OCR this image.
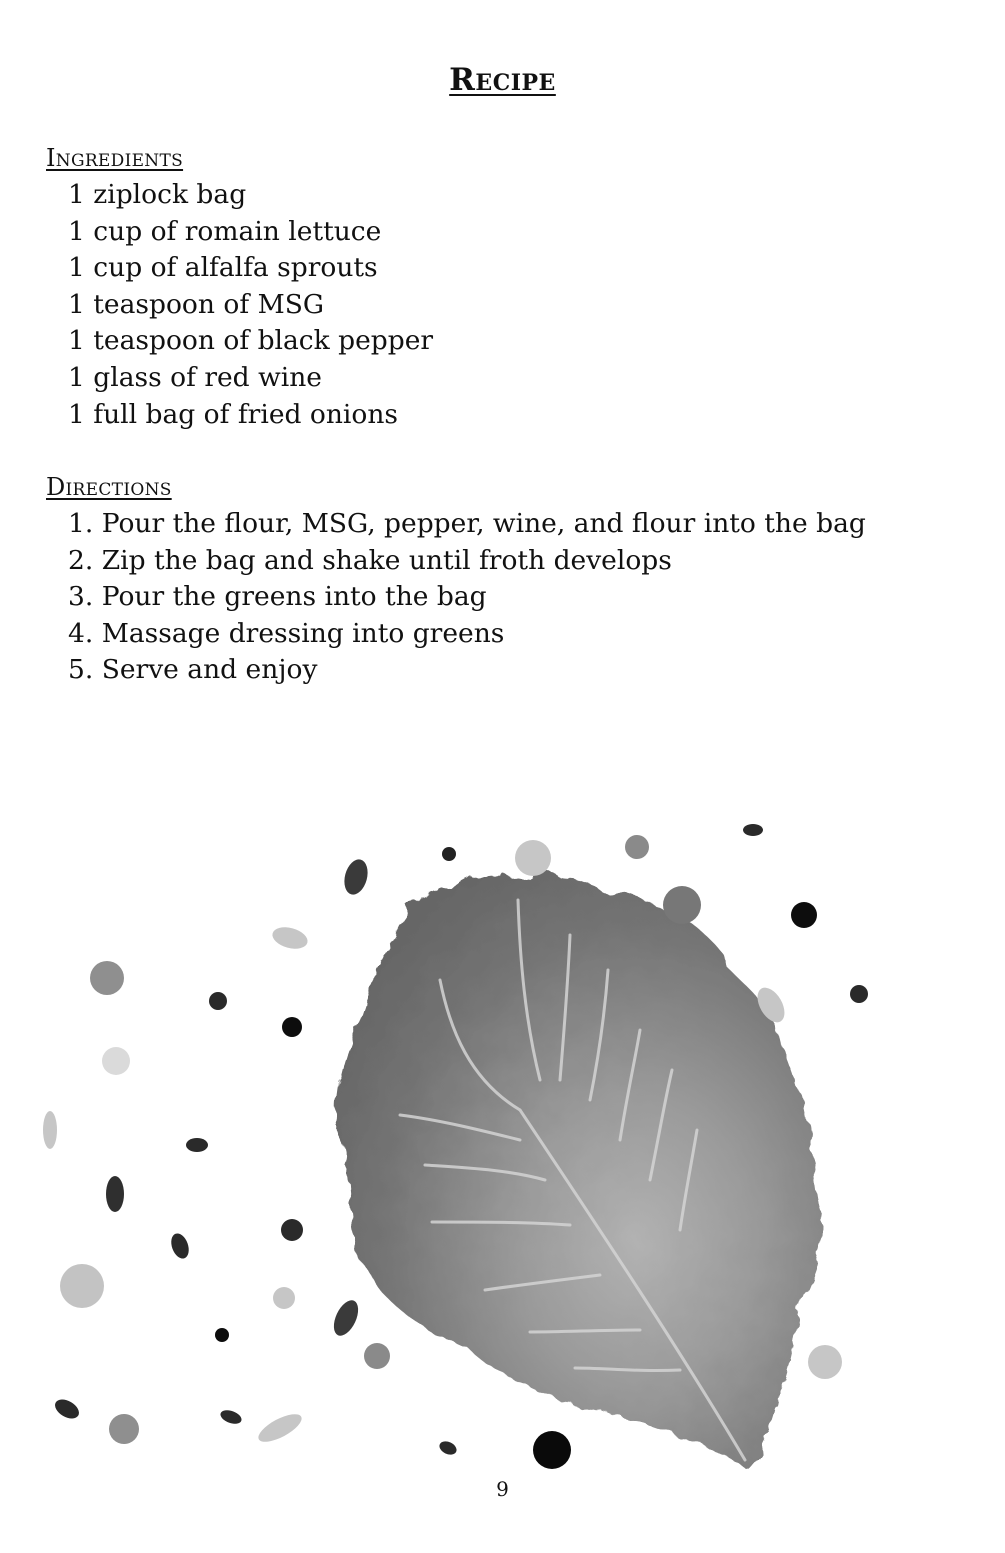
Recipe
Ingredients
1 ziplock bag
1 cup of romain lettuce
1 cup of alfalfa sprouts
1 teaspoon of MSG
1 teaspoon of black pepper
1 glass of red wine
1 full bag of fried onions
Directions
1. Pour the flour, MSG, pepper, wine, and flour into the bag
2. Zip the bag and shake until froth develops
3. Pour the greens into the bag
4. Massage dressing into greens
5. Serve and enjoy
9
